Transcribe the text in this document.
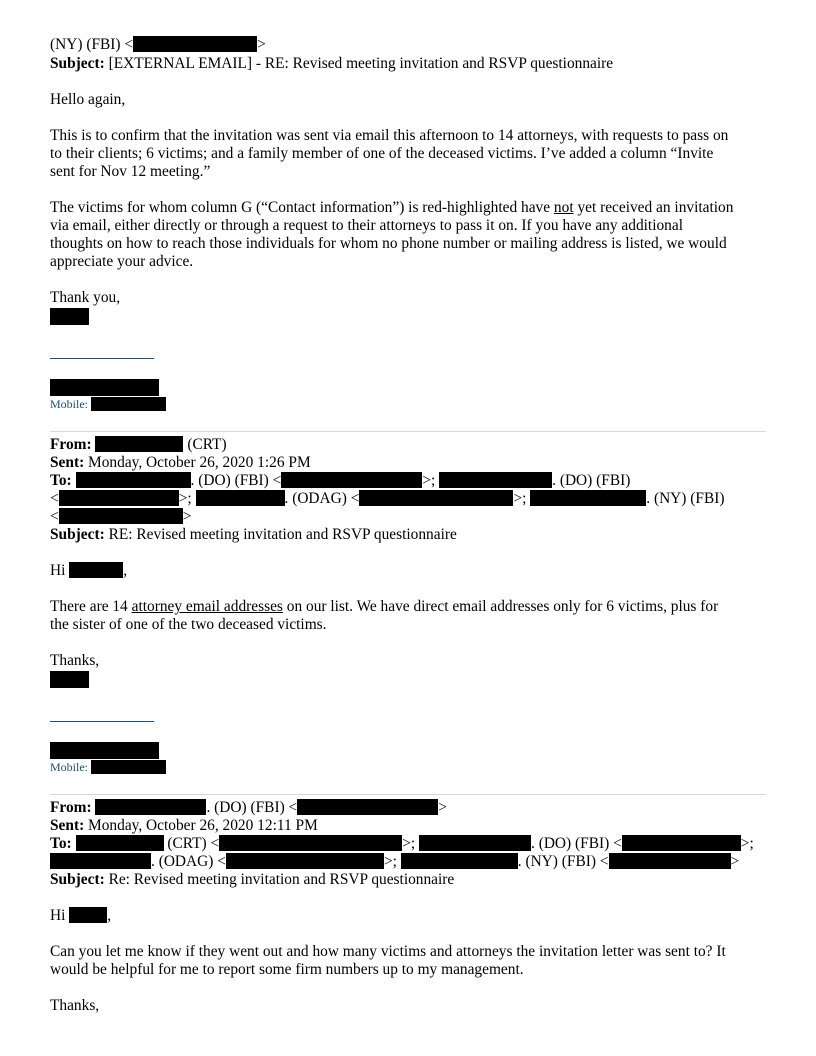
(NY) (FBI) <	>
Subject: [EXTERNAL EMAIL] - RE: Revised meeting invitation and RSVP questionnaire
Hello again,
This is to confirm that the invitation was sent via email this afternoon to 14 attorneys, with requests to pass on
to their clients; 6 victims; and a family member of one of the deceased victims. I’ve added a column “Invite
sent for Nov 12 meeting.”
The victims for whom column G (“Contact information”) is red-highlighted have not yet received an invitation
via email, either directly or through a request to their attorneys to pass it on. If you have any additional
thoughts on how to reach those individuals for whom no phone number or mailing address is listed, we would
appreciate your advice.
Thank you,
Mobile:
From:	(CRT)
Sent: Monday, October 26, 2020 1:26 PM
To:	. (DO) (FBI) <	>;	. (DO) (FBI)
<	>;	. (ODAG) <	>;	. (NY) (FBI)
<	>
Subject: RE: Revised meeting invitation and RSVP questionnaire
Hi	,
There are 14 attorney email addresses on our list. We have direct email addresses only for 6 victims, plus for
the sister of one of the two deceased victims.
Thanks,
Mobile:
From:	. (DO) (FBI) <	>
Sent: Monday, October 26, 2020 12:11 PM
To:	(CRT) <	>;	. (DO) (FBI) <	>;
. (ODAG) <	>;	. (NY) (FBI) <	>
Subject: Re: Revised meeting invitation and RSVP questionnaire
Hi ,
Can you let me know if they went out and how many victims and attorneys the invitation letter was sent to? It
would be helpful for me to report some firm numbers up to my management.
Thanks,
